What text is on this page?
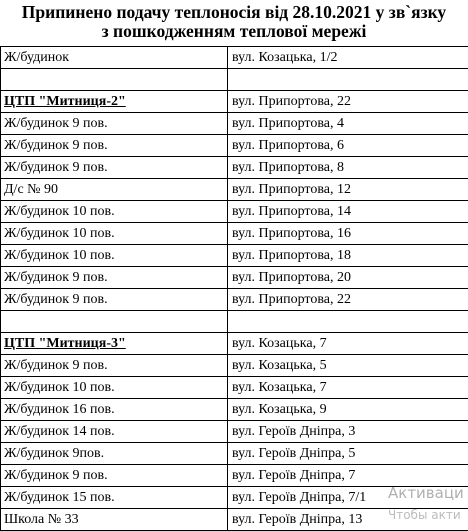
Припинено подачу теплоносія від 28.10.2021 у зв`язку
з пошкодженням теплової мережі
Ж/будинок		вул. Козацька, 1/2

ЦТП "Митниця-2"		вул. Припортова, 22
Ж/будинок 9 пов.		вул. Припортова, 4
Ж/будинок 9 пов.		вул. Припортова, 6
Ж/будинок 9 пов.		вул. Припортова, 8
Д/с № 90		вул. Припортова, 12
Ж/будинок 10 пов.		вул. Припортова, 14
Ж/будинок 10 пов.		вул. Припортова, 16
Ж/будинок 10 пов.		вул. Припортова, 18
Ж/будинок 9 пов.		вул. Припортова, 20
Ж/будинок 9 пов.		вул. Припортова, 22

ЦТП "Митниця-3"		вул. Козацька, 7
Ж/будинок 9 пов.		вул. Козацька, 5
Ж/будинок 10 пов.		вул. Козацька, 7
Ж/будинок 16 пов.		вул. Козацька, 9
Ж/будинок 14 пов.		вул. Героїв Дніпра, 3
Ж/будинок 9пов.		вул. Героїв Дніпра, 5
Ж/будинок 9 пов.		вул. Героїв Дніпра, 7
Ж/будинок 15 пов.		вул. Героїв Дніпра, 7/1
Школа № 33		вул. Героїв Дніпра, 13
Активаци
Чтобы акти
